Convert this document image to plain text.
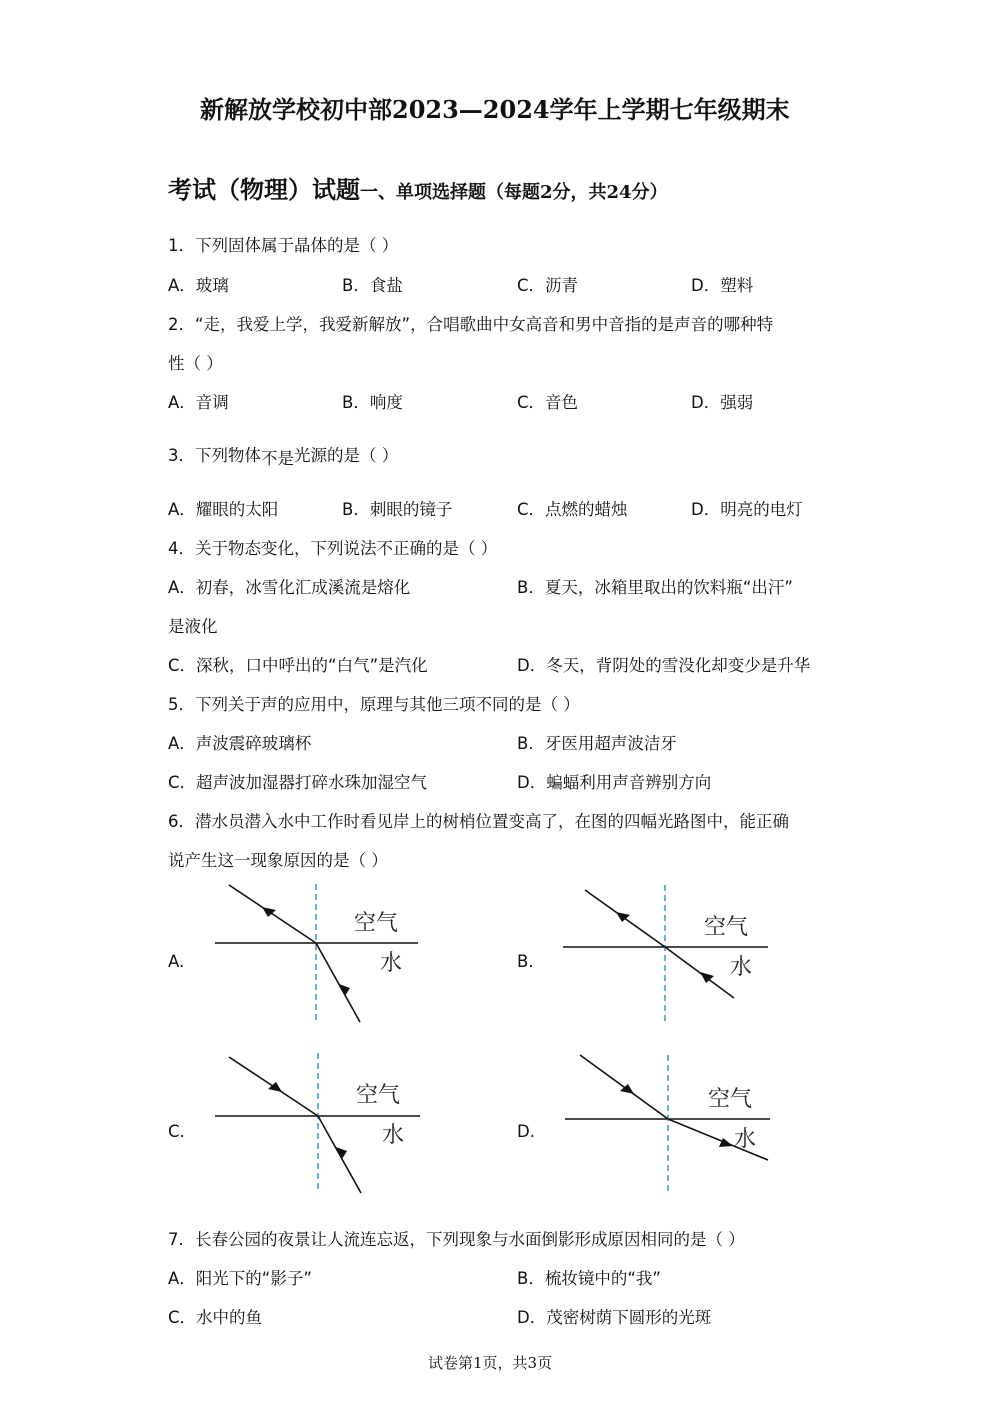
新解放学校初中部2023—2024学年上学期七年级期末
考试（物理）试题一、单项选择题（每题2分，共24分）
1．下列固体属于晶体的是（ ）
A．玻璃	B．食盐	C．沥青	D．塑料
2．“走，我爱上学，我爱新解放”，合唱歌曲中女高音和男中音指的是声音的哪种特
性（ ）
A．音调	B．响度	C．音色	D．强弱
3．下列物体不是光源的是（ ）
A．耀眼的太阳	B．刺眼的镜子	C．点燃的蜡烛	D．明亮的电灯
4．关于物态变化，下列说法不正确的是（ ）
A．初春，冰雪化汇成溪流是熔化	B．夏天，冰箱里取出的饮料瓶“出汗”
是液化
C．深秋，口中呼出的“白气”是汽化	D．冬天，背阴处的雪没化却变少是升华
5．下列关于声的应用中，原理与其他三项不同的是（ ）
A．声波震碎玻璃杯	B．牙医用超声波洁牙
C．超声波加湿器打碎水珠加湿空气	D．蝙蝠利用声音辨别方向
6．潜水员潜入水中工作时看见岸上的树梢位置变高了，在图的四幅光路图中，能正确
说产生这一现象原因的是（ ）
A.	B.
C.	D.
空气
水
空气
水
空气
水
空气
水
7．长春公园的夜景让人流连忘返，下列现象与水面倒影形成原因相同的是（ ）
A．阳光下的“影子”	B．梳妆镜中的“我”
C．水中的鱼	D．茂密树荫下圆形的光斑
试卷第1页，共3页
